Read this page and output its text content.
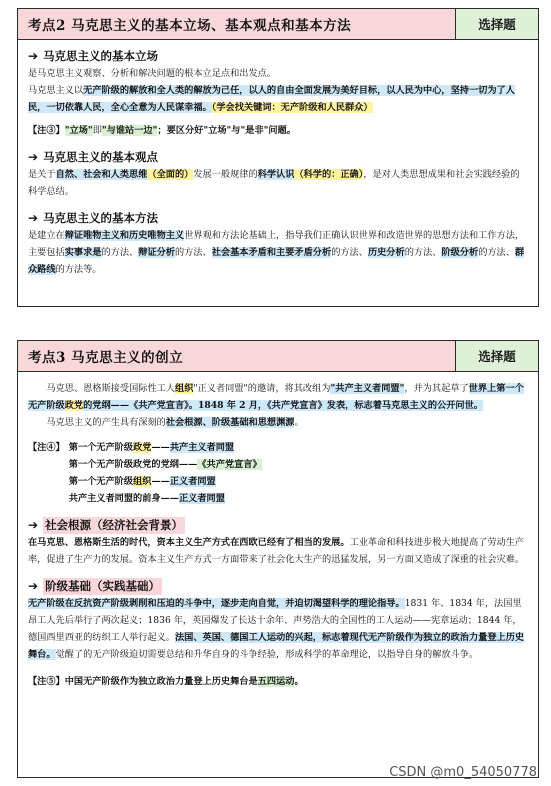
考点2 马克思主义的基本立场、基本观点和基本方法	选择题
➔ 马克思主义的基本立场

是马克思主义观察、分析和解决问题的根本立足点和出发点。

马克思主义以无产阶级的解放和全人类的解放为己任，以人的自由全面发展为美好目标，以人民为中心，坚持一切为了人民，一切依靠人民，全心全意为人民谋幸福。（学会找关键词：无产阶级和人民群众）

【注③】"立场"即"与谁站一边"；要区分好"立场"与"是非"问题。

➔ 马克思主义的基本观点

是关于自然、社会和人类思维（全面的）发展一般规律的科学认识（科学的：正确），是对人类思想成果和社会实践经验的科学总结。

➔ 马克思主义的基本方法

是建立在辩证唯物主义和历史唯物主义世界观和方法论基础上，指导我们正确认识世界和改造世界的思想方法和工作方法，主要包括实事求是的方法、辩证分析的方法、社会基本矛盾和主要矛盾分析的方法、历史分析的方法、阶级分析的方法、群众路线的方法等。

考点3 马克思主义的创立	选择题

马克思、恩格斯接受国际性工人组织"正义者同盟"的邀请，将其改组为"共产主义者同盟"，并为其起草了世界上第一个无产阶级政党的党纲——《共产党宣言》。1848 年 2 月，《共产党宣言》发表，标志着马克思主义的公开问世。

马克思主义的产生具有深刻的社会根源、阶级基础和思想渊源。

【注④】 第一个无产阶级政党——共产主义者同盟
第一个无产阶级政党的党纲——《共产党宣言》
第一个无产阶级组织——正义者同盟
共产主义者同盟的前身——正义者同盟
➔ 社会根源（经济社会背景）

在马克思、恩格斯生活的时代，资本主义生产方式在西欧已经有了相当的发展。工业革命和科技进步极大地提高了劳动生产率，促进了生产力的发展。资本主义生产方式一方面带来了社会化大生产的迅猛发展，另一方面又造成了深重的社会灾难。

➔ 阶级基础（实践基础）

无产阶级在反抗资产阶级剥削和压迫的斗争中，逐步走向自觉，并迫切渴望科学的理论指导。1831 年、1834 年，法国里昂工人先后举行了两次起义；1836 年，英国爆发了长达十余年、声势浩大的全国性的工人运动——宪章运动；1844 年，德国西里西亚的纺织工人举行起义。法国、英国、德国工人运动的兴起，标志着现代无产阶级作为独立的政治力量登上历史舞台。觉醒了的无产阶级迫切需要总结和升华自身的斗争经验，形成科学的革命理论，以指导自身的解放斗争。

【注⑤】中国无产阶级作为独立政治力量登上历史舞台是五四运动。

CSDN @m0_54050778
